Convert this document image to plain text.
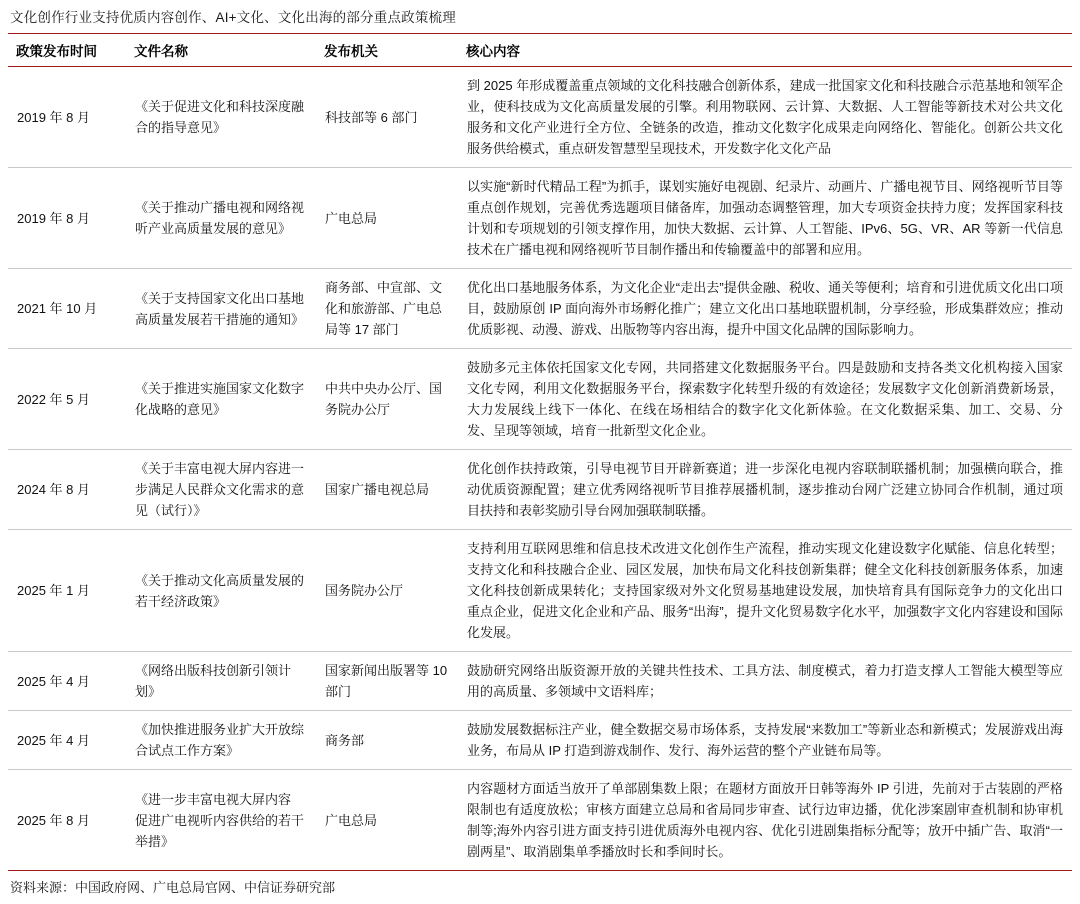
文化创作行业支持优质内容创作、AI+文化、文化出海的部分重点政策梳理
政策发布时间	文件名称	发布机关	核心内容
2019 年 8 月	《关于促进文化和科技深度融合的指导意见》	科技部等 6 部门	到 2025 年形成覆盖重点领域的文化科技融合创新体系，建成一批国家文化和科技融合示范基地和领军企业，使科技成为文化高质量发展的引擎。利用物联网、云计算、大数据、人工智能等新技术对公共文化服务和文化产业进行全方位、全链条的改造，推动文化数字化成果走向网络化、智能化。创新公共文化服务供给模式，重点研发智慧型呈现技术，开发数字化文化产品
2019 年 8 月	《关于推动广播电视和网络视听产业高质量发展的意见》	广电总局	以实施“新时代精品工程”为抓手，谋划实施好电视剧、纪录片、动画片、广播电视节目、网络视听节目等重点创作规划，完善优秀选题项目储备库，加强动态调整管理，加大专项资金扶持力度；发挥国家科技计划和专项规划的引领支撑作用，加快大数据、云计算、人工智能、IPv6、5G、VR、AR 等新一代信息技术在广播电视和网络视听节目制作播出和传输覆盖中的部署和应用。
2021 年 10 月	《关于支持国家文化出口基地高质量发展若干措施的通知》	商务部、中宣部、文化和旅游部、广电总局等 17 部门	优化出口基地服务体系，为文化企业“走出去”提供金融、税收、通关等便利；培育和引进优质文化出口项目，鼓励原创 IP 面向海外市场孵化推广；建立文化出口基地联盟机制，分享经验，形成集群效应；推动优质影视、动漫、游戏、出版物等内容出海，提升中国文化品牌的国际影响力。
2022 年 5 月	《关于推进实施国家文化数字化战略的意见》	中共中央办公厅、国务院办公厅	鼓励多元主体依托国家文化专网，共同搭建文化数据服务平台。四是鼓励和支持各类文化机构接入国家文化专网，利用文化数据服务平台，探索数字化转型升级的有效途径；发展数字文化创新消费新场景，大力发展线上线下一体化、在线在场相结合的数字化文化新体验。在文化数据采集、加工、交易、分发、呈现等领域，培育一批新型文化企业。
2024 年 8 月	《关于丰富电视大屏内容进一步满足人民群众文化需求的意见（试行）》	国家广播电视总局	优化创作扶持政策，引导电视节目开辟新赛道；进一步深化电视内容联制联播机制；加强横向联合，推动优质资源配置；建立优秀网络视听节目推荐展播机制，逐步推动台网广泛建立协同合作机制，通过项目扶持和表彰奖励引导台网加强联制联播。
2025 年 1 月	《关于推动文化高质量发展的若干经济政策》	国务院办公厅	支持利用互联网思维和信息技术改进文化创作生产流程，推动实现文化建设数字化赋能、信息化转型；支持文化和科技融合企业、园区发展，加快布局文化科技创新集群；健全文化科技创新服务体系，加速文化科技创新成果转化；支持国家级对外文化贸易基地建设发展，加快培育具有国际竞争力的文化出口重点企业，促进文化企业和产品、服务“出海”，提升文化贸易数字化水平，加强数字文化内容建设和国际化发展。
2025 年 4 月	《网络出版科技创新引领计划》	国家新闻出版署等 10 部门	鼓励研究网络出版资源开放的关键共性技术、工具方法、制度模式，着力打造支撑人工智能大模型等应用的高质量、多领域中文语料库；
2025 年 4 月	《加快推进服务业扩大开放综合试点工作方案》	商务部	鼓励发展数据标注产业，健全数据交易市场体系，支持发展“来数加工”等新业态和新模式；发展游戏出海业务，布局从 IP 打造到游戏制作、发行、海外运营的整个产业链布局等。
2025 年 8 月	《进一步丰富电视大屏内容 促进广电视听内容供给的若干举措》	广电总局	内容题材方面适当放开了单部剧集数上限；在题材方面放开日韩等海外 IP 引进，先前对于古装剧的严格限制也有适度放松；审核方面建立总局和省局同步审查、试行边审边播，优化涉案剧审查机制和协审机制等;海外内容引进方面支持引进优质海外电视内容、优化引进剧集指标分配等；放开中插广告、取消“一剧两星”、取消剧集单季播放时长和季间时长。
资料来源：中国政府网、广电总局官网、中信证券研究部
